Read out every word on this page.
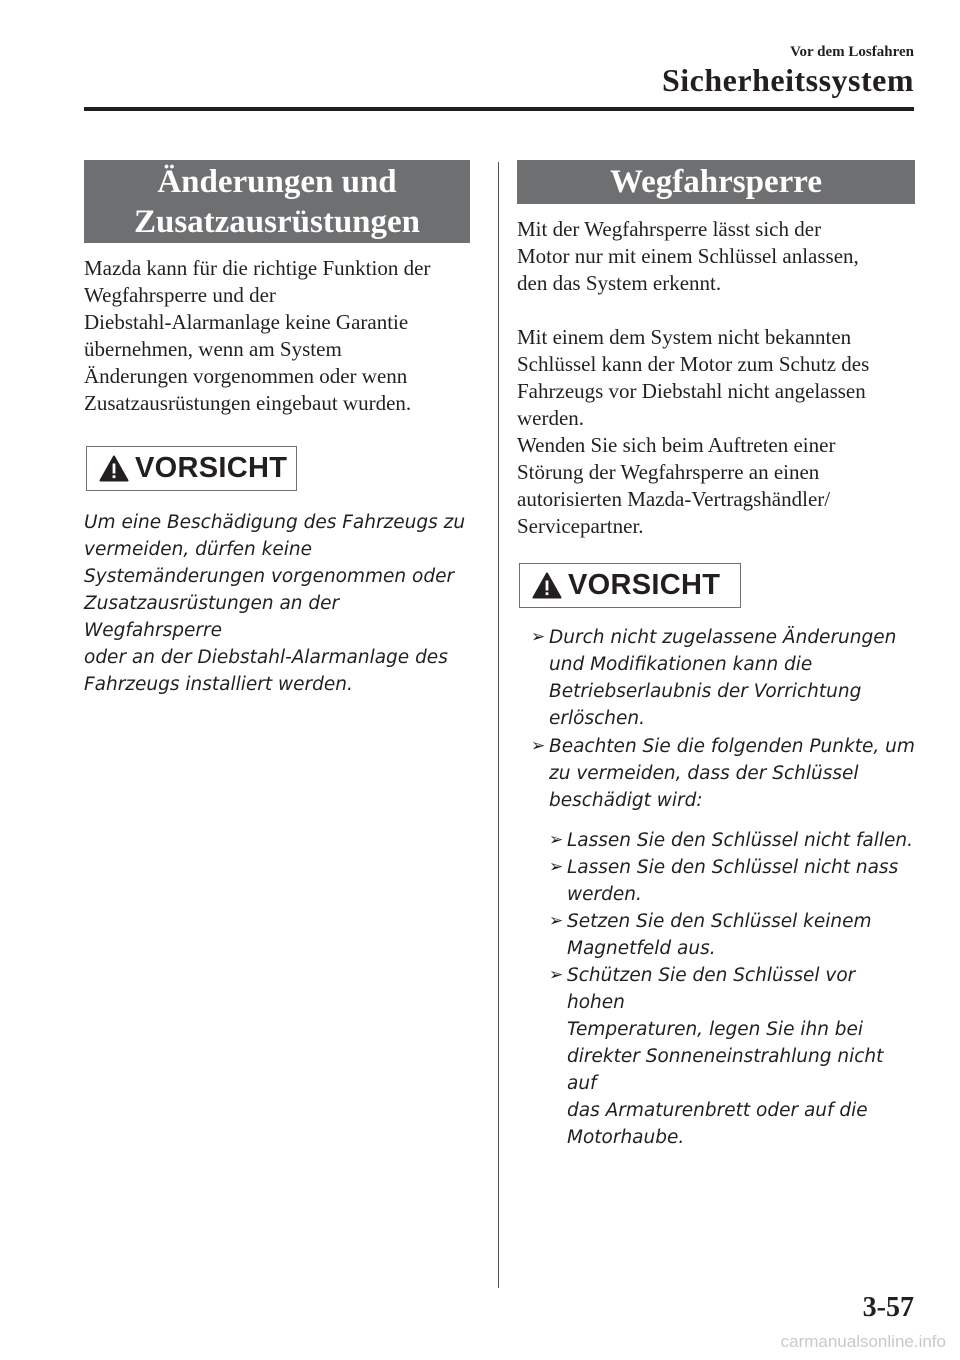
Vor dem Losfahren
Sicherheitssystem
Änderungen und
Zusatzausrüstungen

Mazda kann für die richtige Funktion der

Wegfahrsperre und der

Diebstahl-Alarmanlage keine Garantie

übernehmen, wenn am System

Änderungen vorgenommen oder wenn

Zusatzausrüstungen eingebaut wurden.

VORSICHT

Um eine Beschädigung des Fahrzeugs zu

vermeiden, dürfen keine

Systemänderungen vorgenommen oder

Zusatzausrüstungen an der Wegfahrsperre

oder an der Diebstahl-Alarmanlage des

Fahrzeugs installiert werden.

Wegfahrsperre

Mit der Wegfahrsperre lässt sich der

Motor nur mit einem Schlüssel anlassen,

den das System erkennt.

Mit einem dem System nicht bekannten

Schlüssel kann der Motor zum Schutz des

Fahrzeugs vor Diebstahl nicht angelassen

werden.

Wenden Sie sich beim Auftreten einer

Störung der Wegfahrsperre an einen

autorisierten Mazda-Vertragshändler/

Servicepartner.

VORSICHT
➢ Durch nicht zugelassene Änderungen
und Modifikationen kann die
Betriebserlaubnis der Vorrichtung
erlöschen.
➢ Beachten Sie die folgenden Punkte, um
zu vermeiden, dass der Schlüssel
beschädigt wird:
➢ Lassen Sie den Schlüssel nicht fallen.
➢ Lassen Sie den Schlüssel nicht nass
werden.
➢ Setzen Sie den Schlüssel keinem
Magnetfeld aus.
➢ Schützen Sie den Schlüssel vor hohen
Temperaturen, legen Sie ihn bei
direkter Sonneneinstrahlung nicht auf
das Armaturenbrett oder auf die
Motorhaube.
3-57
carmanualsonline.info
